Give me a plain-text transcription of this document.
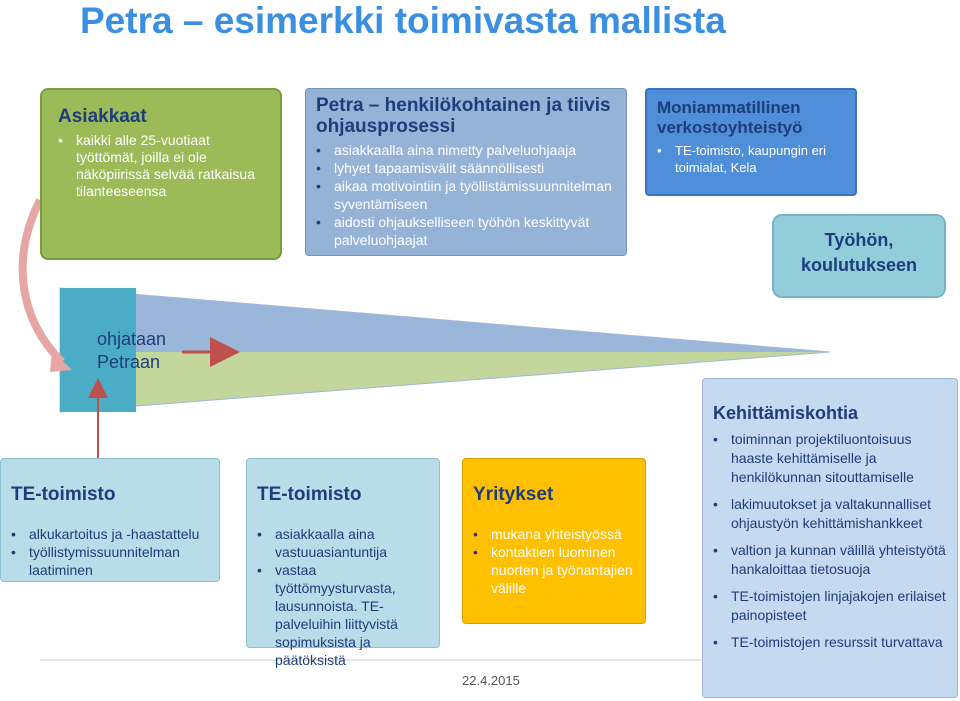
Petra – esimerkki toimivasta mallista
Asiakkaat
• kaikki alle 25-vuotiaat työttömät, joilla ei ole näköpiirissä selvää ratkaisua tilanteeseensa
Petra – henkilökohtainen ja tiivis ohjausprosessi
• asiakkaalla aina nimetty palveluohjaaja
• lyhyet tapaamisvälit säännöllisesti
• aikaa motivointiin ja työllistämissuunnitelman syventämiseen
• aidosti ohjaukselliseen työhön keskittyvät palveluohjaajat
Moniammatillinen verkostoyhteistyö
• TE-toimisto, kaupungin eri toimialat, Kela
Työhön, koulutukseen
ohjataan Petraan
TE-toimisto
• alkukartoitus ja -haastattelu
• työllistymissuunnitelman laatiminen
TE-toimisto
• asiakkaalla aina vastuuasiantuntija
• vastaa työttömyysturvasta, lausunnoista. TE-palveluihin liittyvistä sopimuksista ja päätöksistä
Yritykset
• mukana yhteistyössä
• kontaktien luominen nuorten ja työnantajien välille
Kehittämiskohtia
• toiminnan projektiluontoisuus haaste kehittämiselle ja henkilökunnan sitouttamiselle
• lakimuutokset ja valtakunnalliset ohjaustyön kehittämishankkeet
• valtion ja kunnan välillä yhteistyötä hankaloittaa tietosuoja
• TE-toimistojen linjajakojen erilaiset painopisteet
• TE-toimistojen resurssit turvattava
22.4.2015
